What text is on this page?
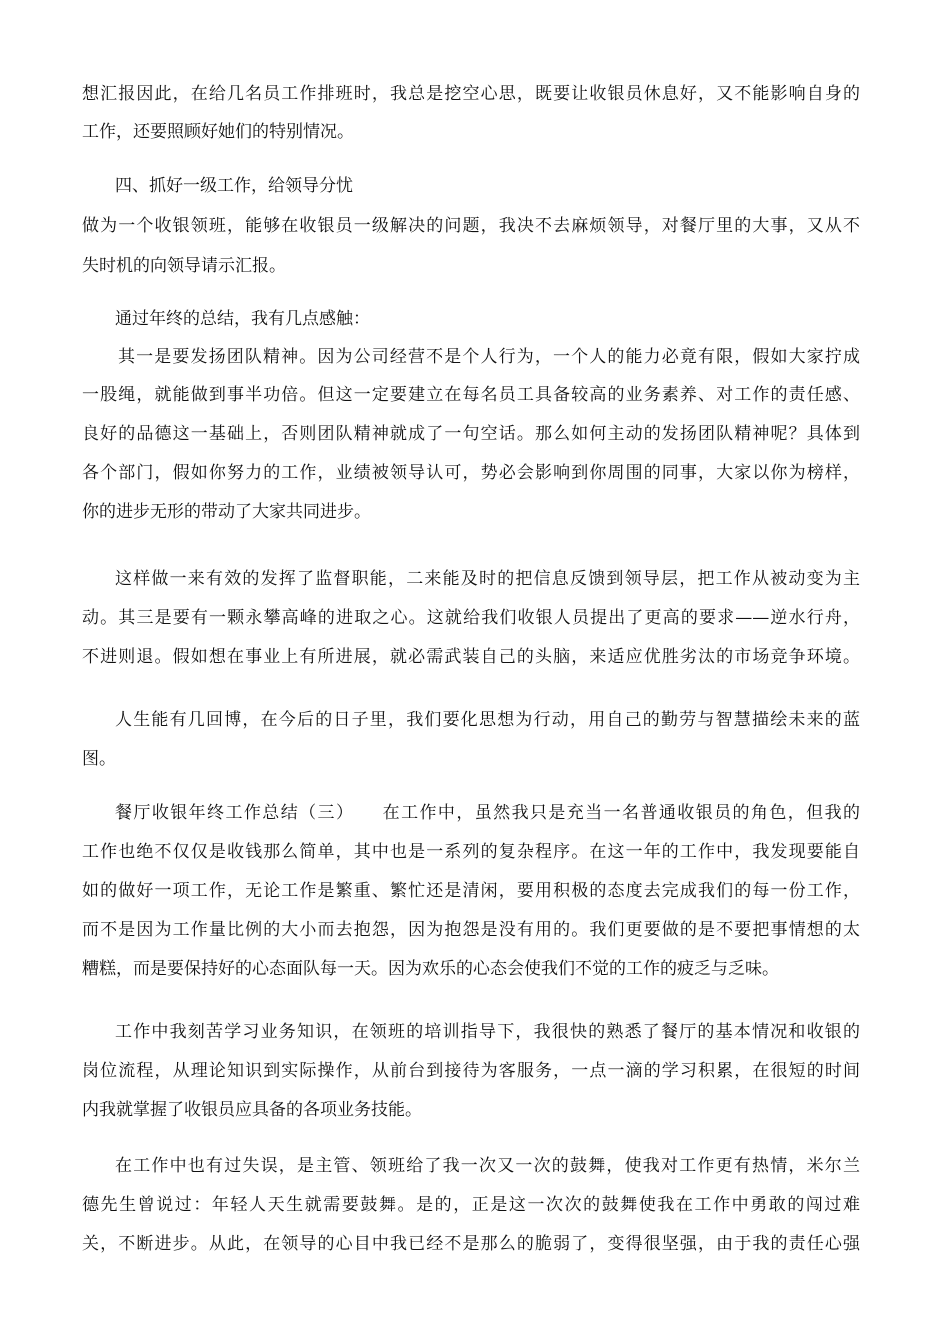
想汇报因此，在给几名员工作排班时，我总是挖空心思，既要让收银员休息好，又不能影响自身的

工作，还要照顾好她们的特别情况。

四、抓好一级工作，给领导分忧

做为一个收银领班，能够在收银员一级解决的问题，我决不去麻烦领导，对餐厅里的大事，又从不

失时机的向领导请示汇报。

通过年终的总结，我有几点感触：

其一是要发扬团队精神。因为公司经营不是个人行为，一个人的能力必竟有限，假如大家拧成

一股绳，就能做到事半功倍。但这一定要建立在每名员工具备较高的业务素养、对工作的责任感、

良好的品德这一基础上，否则团队精神就成了一句空话。那么如何主动的发扬团队精神呢？具体到

各个部门，假如你努力的工作，业绩被领导认可，势必会影响到你周围的同事，大家以你为榜样，

你的进步无形的带动了大家共同进步。

这样做一来有效的发挥了监督职能，二来能及时的把信息反馈到领导层，把工作从被动变为主

动。其三是要有一颗永攀高峰的进取之心。这就给我们收银人员提出了更高的要求——逆水行舟，

不进则退。假如想在事业上有所进展，就必需武装自己的头脑，来适应优胜劣汰的市场竞争环境。

人生能有几回博，在今后的日子里，我们要化思想为行动，用自己的勤劳与智慧描绘未来的蓝

图。

餐厅收银年终工作总结（三）　　在工作中，虽然我只是充当一名普通收银员的角色，但我的

工作也绝不仅仅是收钱那么简单，其中也是一系列的复杂程序。在这一年的工作中，我发现要能自

如的做好一项工作，无论工作是繁重、繁忙还是清闲，要用积极的态度去完成我们的每一份工作，

而不是因为工作量比例的大小而去抱怨，因为抱怨是没有用的。我们更要做的是不要把事情想的太

糟糕，而是要保持好的心态面队每一天。因为欢乐的心态会使我们不觉的工作的疲乏与乏味。

工作中我刻苦学习业务知识，在领班的培训指导下，我很快的熟悉了餐厅的基本情况和收银的

岗位流程，从理论知识到实际操作，从前台到接待为客服务，一点一滴的学习积累，在很短的时间

内我就掌握了收银员应具备的各项业务技能。

在工作中也有过失误，是主管、领班给了我一次又一次的鼓舞，使我对工作更有热情，米尔兰

德先生曾说过：年轻人天生就需要鼓舞。是的，正是这一次次的鼓舞使我在工作中勇敢的闯过难

关，不断进步。从此，在领导的心目中我已经不是那么的脆弱了，变得很坚强，由于我的责任心强
